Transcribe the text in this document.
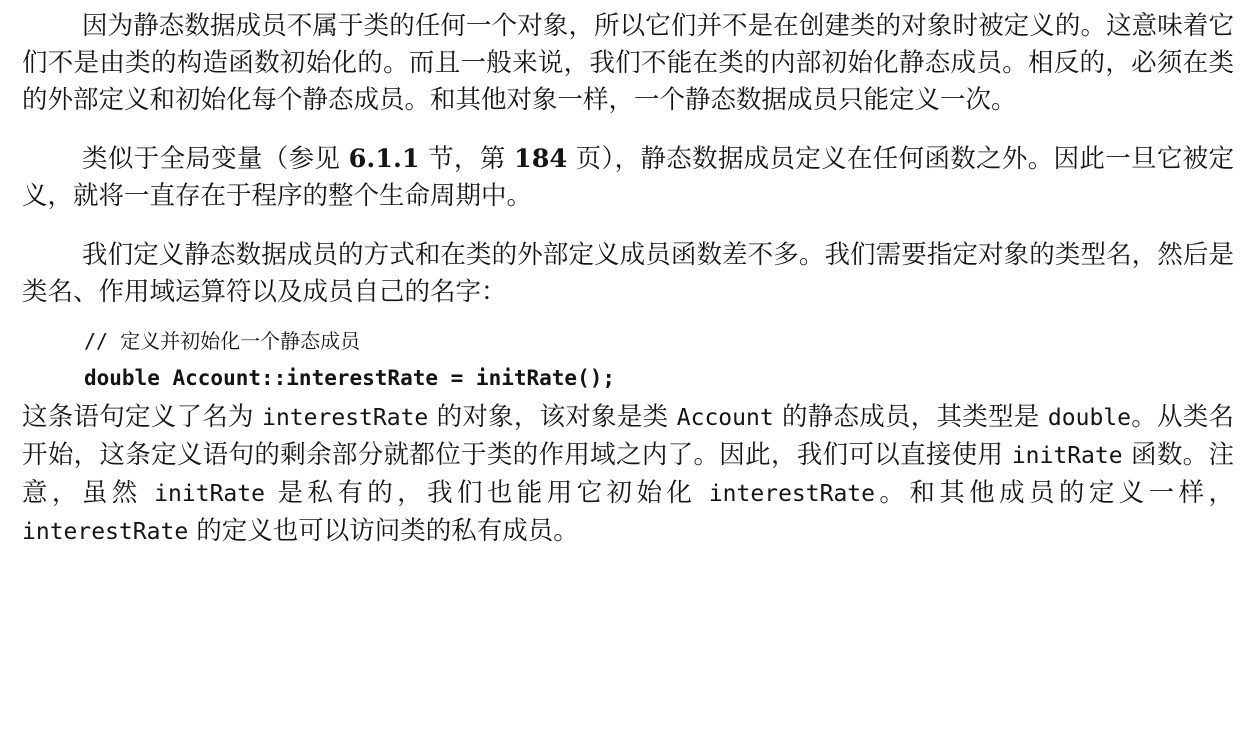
因为静态数据成员不属于类的任何一个对象，所以它们并不是在创建类的对象时被定义的。这意味着它们不是由类的构造函数初始化的。而且一般来说，我们不能在类的内部初始化静态成员。相反的，必须在类的外部定义和初始化每个静态成员。和其他对象一样，一个静态数据成员只能定义一次。

类似于全局变量（参见 6.1.1 节，第 184 页），静态数据成员定义在任何函数之外。因此一旦它被定义，就将一直存在于程序的整个生命周期中。

我们定义静态数据成员的方式和在类的外部定义成员函数差不多。我们需要指定对象的类型名，然后是类名、作用域运算符以及成员自己的名字：

// 定义并初始化一个静态成员
double Account::interestRate = initRate();

这条语句定义了名为 interestRate 的对象，该对象是类 Account 的静态成员，其类型是 double。从类名开始，这条定义语句的剩余部分就都位于类的作用域之内了。因此，我们可以直接使用 initRate 函数。注意，虽然 initRate 是私有的，我们也能用它初始化 interestRate。和其他成员的定义一样，interestRate 的定义也可以访问类的私有成员。
